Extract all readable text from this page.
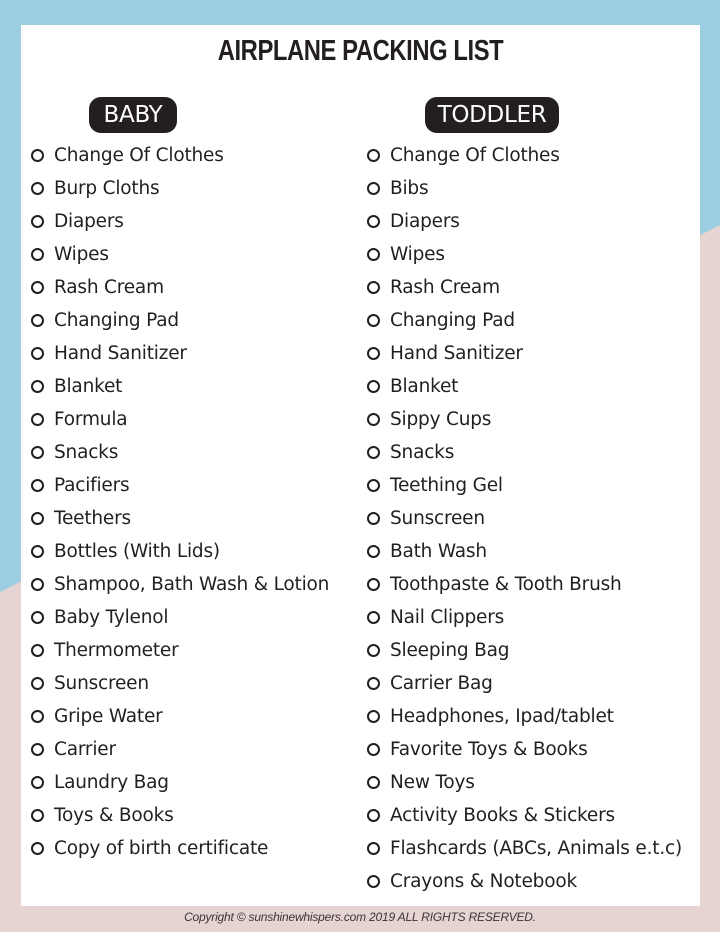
AIRPLANE PACKING LIST
BABY	TODDLER
Change Of Clothes
Burp Cloths
Diapers
Wipes
Rash Cream
Changing Pad
Hand Sanitizer
Blanket
Formula
Snacks
Pacifiers
Teethers
Bottles (With Lids)
Shampoo, Bath Wash & Lotion
Baby Tylenol
Thermometer
Sunscreen
Gripe Water
Carrier
Laundry Bag
Toys & Books
Copy of birth certificate
Change Of Clothes
Bibs
Diapers
Wipes
Rash Cream
Changing Pad
Hand Sanitizer
Blanket
Sippy Cups
Snacks
Teething Gel
Sunscreen
Bath Wash
Toothpaste & Tooth Brush
Nail Clippers
Sleeping Bag
Carrier Bag
Headphones, Ipad/tablet
Favorite Toys & Books
New Toys
Activity Books & Stickers
Flashcards (ABCs, Animals e.t.c)
Crayons & Notebook
Copyright © sunshinewhispers.com 2019 ALL RIGHTS RESERVED.
